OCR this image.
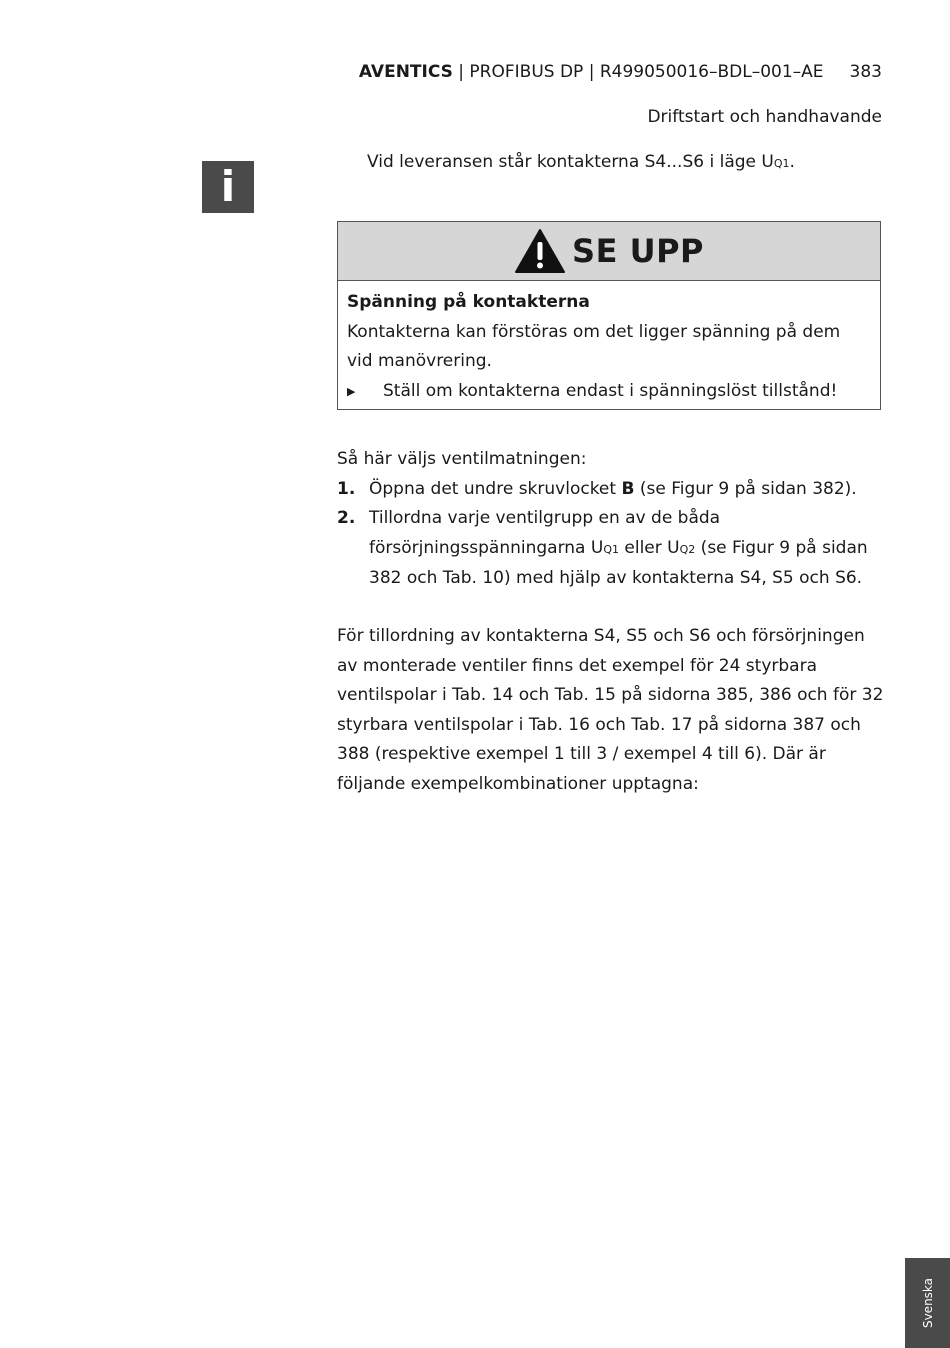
AVENTICS | PROFIBUS DP | R499050016–BDL–001–AE 383
Driftstart och handhavande
i	Vid leveransen står kontakterna S4...S6 i läge UQ1.
SE UPP
Spänning på kontakterna
Kontakterna kan förstöras om det ligger spänning på dem vid manövrering.
▶	Ställ om kontakterna endast i spänningslöst tillstånd!
Så här väljs ventilmatningen:
1. Öppna det undre skruvlocket B (se Figur 9 på sidan 382).
2. Tillordna varje ventilgrupp en av de båda försörjningsspänningarna UQ1 eller UQ2 (se Figur 9 på sidan 382 och Tab. 10) med hjälp av kontakterna S4, S5 och S6.
För tillordning av kontakterna S4, S5 och S6 och försörjningen av monterade ventiler finns det exempel för 24 styrbara ventilspolar i Tab. 14 och Tab. 15 på sidorna 385, 386 och för 32 styrbara ventilspolar i Tab. 16 och Tab. 17 på sidorna 387 och 388 (respektive exempel 1 till 3 / exempel 4 till 6). Där är följande exempelkombinationer upptagna:
Svenska
